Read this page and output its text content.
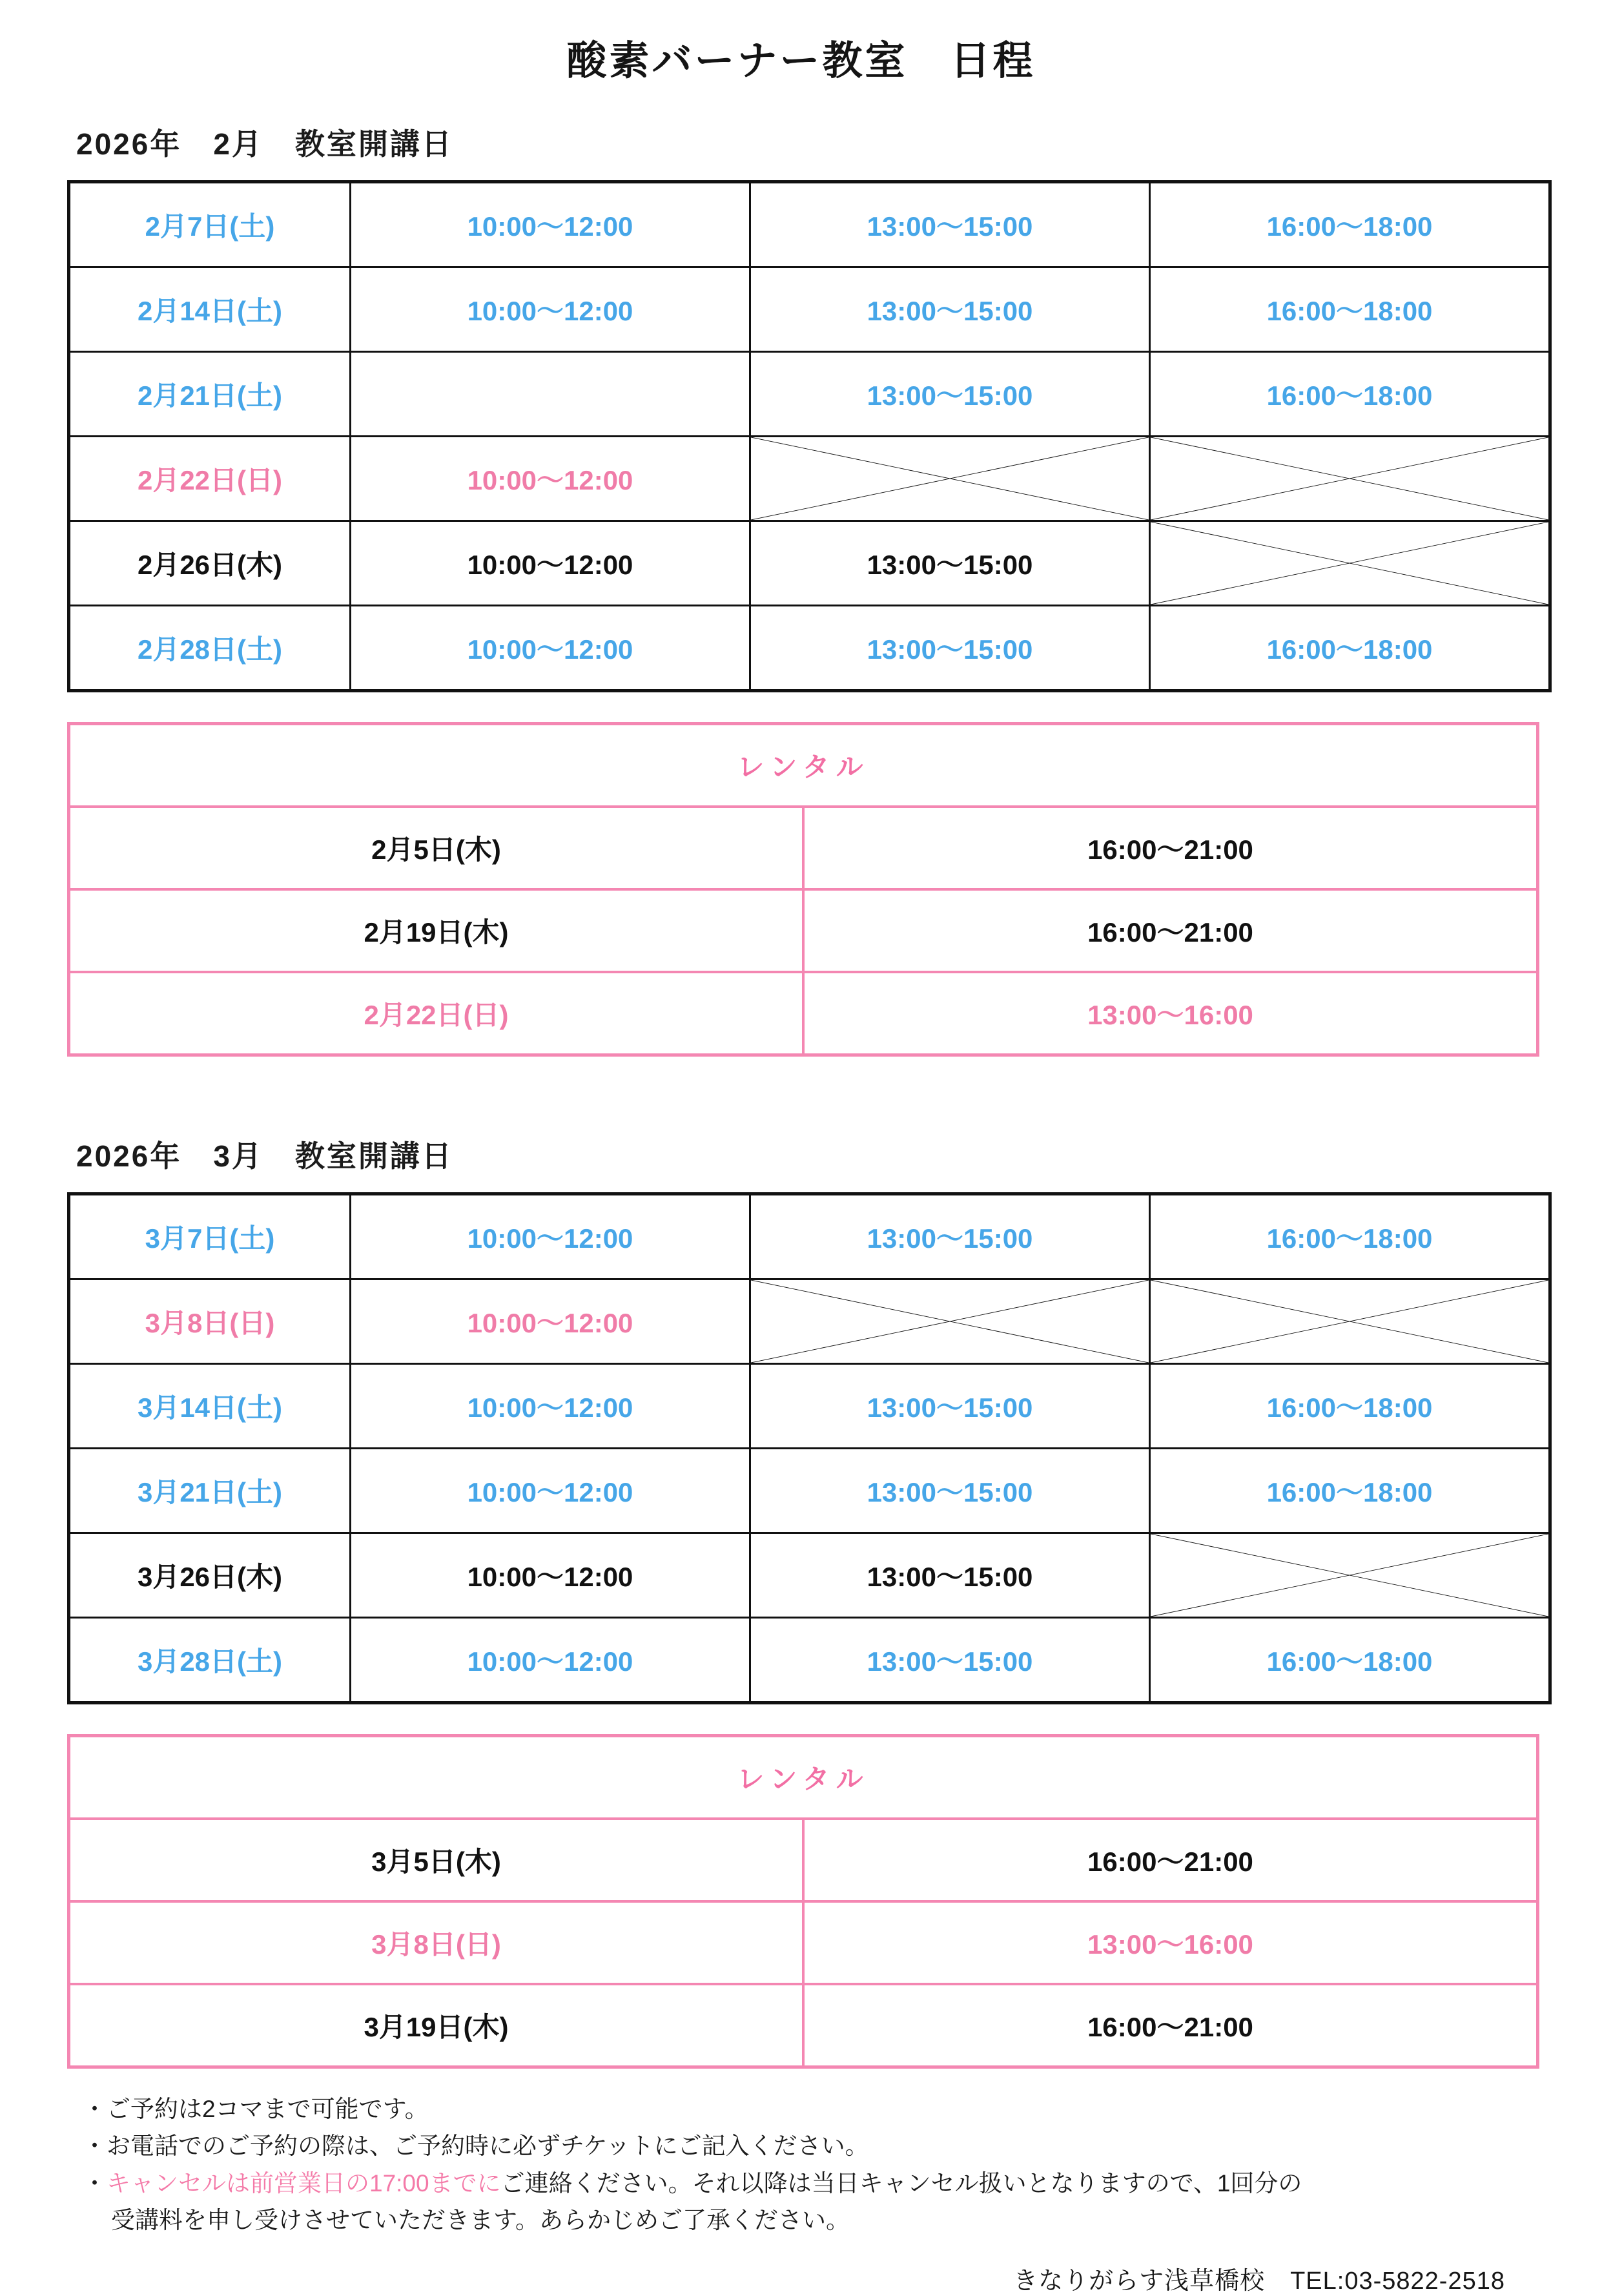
酸素バーナー教室　日程
2026年　2月　教室開講日
2月7日(土)	10:00〜12:00	13:00〜15:00	16:00〜18:00
2月14日(土)	10:00〜12:00	13:00〜15:00	16:00〜18:00
2月21日(土)		13:00〜15:00	16:00〜18:00
2月22日(日)	10:00〜12:00	

2月26日(木)	10:00〜12:00	13:00〜15:00	

2月28日(土)	10:00〜12:00	13:00〜15:00	16:00〜18:00
レンタル	
2月5日(木)	16:00〜21:00
2月19日(木)	16:00〜21:00
2月22日(日)	13:00〜16:00
2026年　3月　教室開講日
3月7日(土)	10:00〜12:00	13:00〜15:00	16:00〜18:00
3月8日(日)	10:00〜12:00	

3月14日(土)	10:00〜12:00	13:00〜15:00	16:00〜18:00
3月21日(土)	10:00〜12:00	13:00〜15:00	16:00〜18:00
3月26日(木)	10:00〜12:00	13:00〜15:00	

3月28日(土)	10:00〜12:00	13:00〜15:00	16:00〜18:00
レンタル	
3月5日(木)	16:00〜21:00
3月8日(日)	13:00〜16:00
3月19日(木)	16:00〜21:00
・ご予約は2コマまで可能です。
・お電話でのご予約の際は、ご予約時に必ずチケットにご記入ください。
・キャンセルは前営業日の17:00までにご連絡ください。それ以降は当日キャンセル扱いとなりますので、1回分の
受講料を申し受けさせていただきます。あらかじめご了承ください。
きなりがらす浅草橋校　TEL:03-5822-2518
